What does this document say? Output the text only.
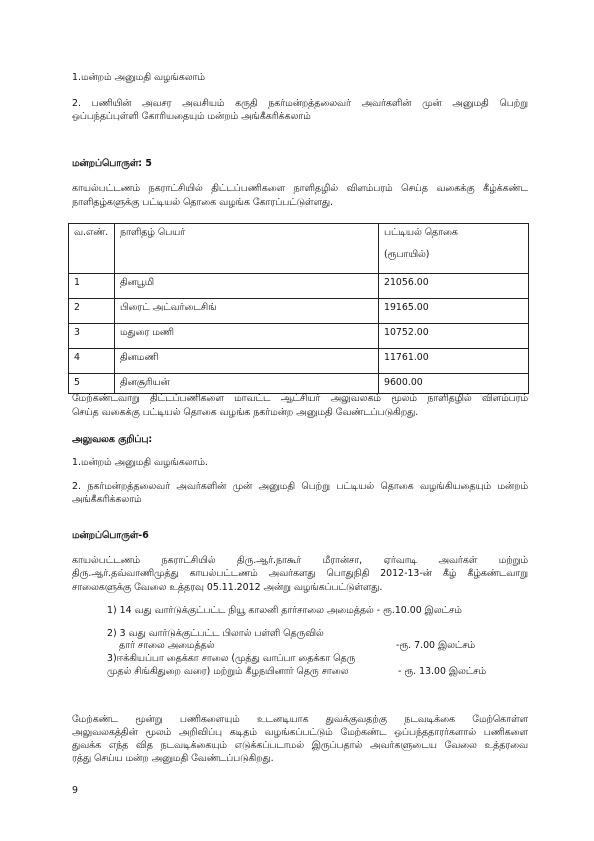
1.மன்றம் அனுமதி வழங்கலாம்
2. பணியின் அவசர அவசியம் கருதி நகர்மன்றத்தலைவர் அவர்களின் முன் அனுமதி பெற்று
ஒப்பந்தப்புள்ளி கோரியதையும் மன்றம் அங்கீகரிக்கலாம்
மன்றப்பொருள்: 5
காயல்பட்டணம் நகராட்சியில் திட்டப்பணிகளை நாளிதழில் விளம்பரம் செய்த வகைக்கு கீழ்க்கண்ட
நாளிதழ்களுக்கு பட்டியல் தொகை வழங்க கோரப்பட்டுள்ளது.
வ.எண்.	நாளிதழ் பெயர்	பட்டியல் தொகை
(ரூபாயில்)

1	தினபூமி	21056.00
2	பிரைட் அட்வர்டைசிங்	19165.00
3	மதுரை மணி	10752.00
4	தினமணி	11761.00
5	தினசூரியன்	9600.00
மேற்கண்டவாறு திட்டப்பணிகளை மாவட்ட ஆட்சியர் அலுவலகம் மூலம் நாளிதழில் விளம்பரம்
செய்த வகைக்கு பட்டியல் தொகை வழங்க நகர்மன்ற அனுமதி வேண்டப்படுகிறது.
அலுவலக குறிப்பு:
1.மன்றம் அனுமதி வழங்கலாம்.
2. நகர்மன்றத்தலைவர் அவர்களின் முன் அனுமதி பெற்று பட்டியல் தொகை வழங்கியதையும் மன்றம்
அங்கீகரிக்கலாம்
மன்றப்பொருள்-6
காயல்பட்டணம் நகராட்சியில் திரு.ஆர்.நாகூர் மீரான்சா, ஏர்வாடி அவர்கள் மற்றும்
திரு.ஆர்.தவ்வாணிமுத்து காயல்பட்டணம் அவர்களது பொதுநிதி 2012-13-ன் கீழ் கீழ்கண்டவாறு
சாலைகளுக்கு வேலை உத்தரவு 05.11.2012 அன்று வழங்கப்பட்டுள்ளது.
1) 14 வது வார்டுக்குட்பட்ட நியூ காலனி தார்சாலை அமைத்தல் - ரூ.10.00 இலட்சம்
2) 3 வது வார்டுக்குட்பட்ட பிலால் பள்ளி தெருவில்
தார் சாலை அமைத்தல்	-ரூ. 7.00 இலட்சம்
3)ஈக்கியப்பா தைக்கா சாலை (முத்து வாப்பா தைக்கா தெரு
முதல் சிங்கிதுறை வரை) மற்றும் கீழநயினார் தெரு சாலை	- ரூ. 13.00 இலட்சம்
மேற்கண்ட மூன்று பணிகளையும் உடனடியாக துவக்குவதற்கு நடவடிக்கை மேற்கொள்ள
அலுவலகத்தின் மூலம் அறிவிப்பு கடிதம் வழங்கப்பட்டும் மேற்கண்ட ஒப்பந்ததாரர்களால் பணிகளை
துவக்க எந்த வித நடவடிக்கையும் எடுக்கப்படாமல் இருப்பதால் அவர்களுடைய வேலை உத்தரவை
ரத்து செய்ய மன்ற அனுமதி வேண்டப்படுகிறது.
9
